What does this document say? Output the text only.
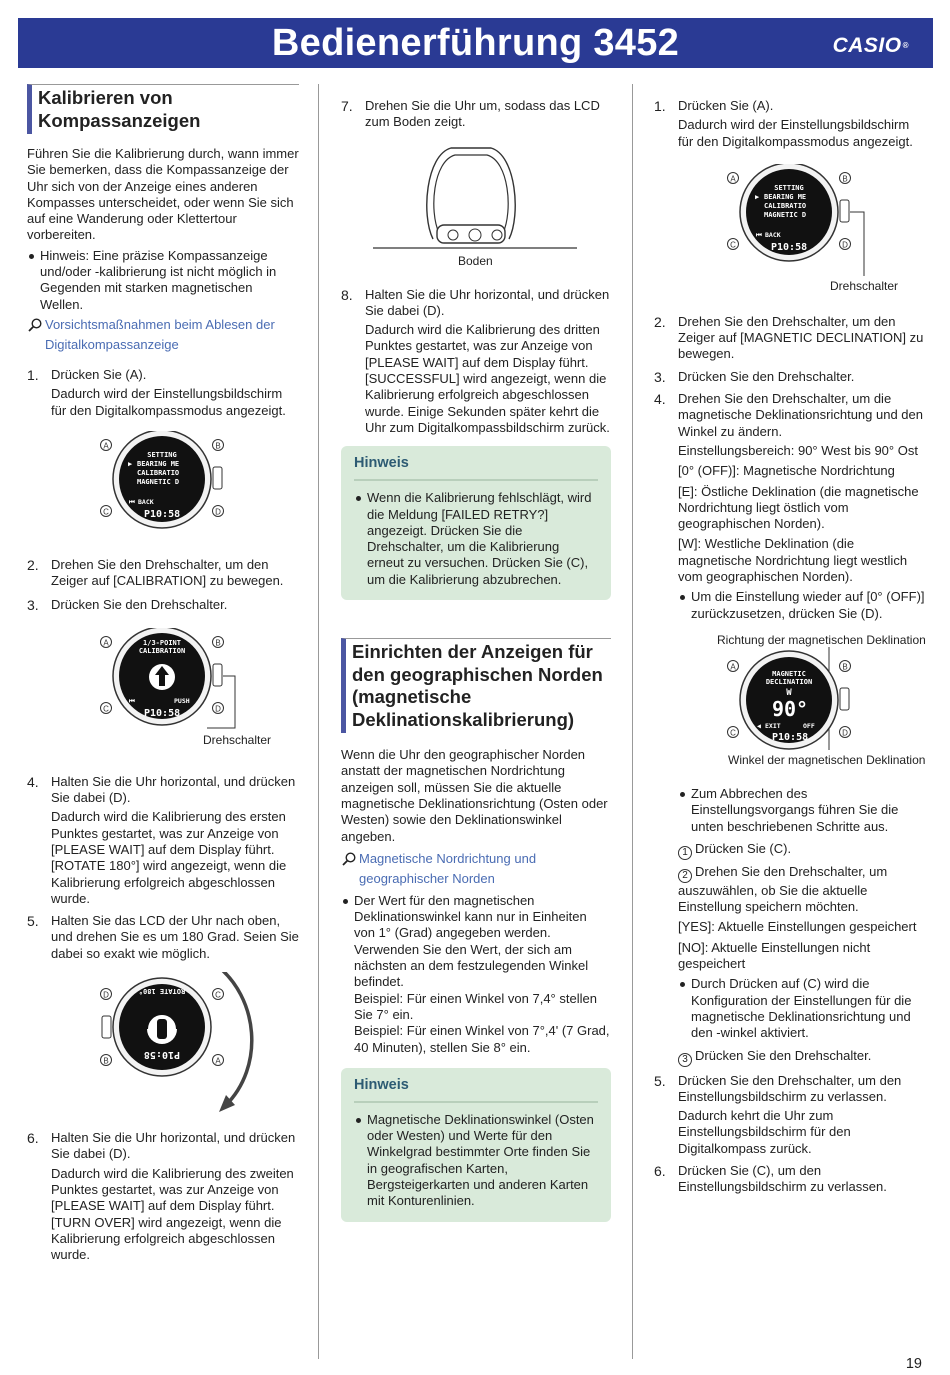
Bedienerführung 3452	CASIO®
Kalibrieren von Kompassanzeigen
Führen Sie die Kalibrierung durch, wann immer Sie bemerken, dass die Kompassanzeige der Uhr sich von der Anzeige eines anderen Kompasses unterscheidet, oder wenn Sie sich auf eine Wanderung oder Klettertour vorbereiten.
Hinweis: Eine präzise Kompassanzeige und/oder -kalibrierung ist nicht möglich in Gegenden mit starken magnetischen Wellen.
Vorsichtsmaßnahmen beim Ablesen der Digitalkompassanzeige
1. Drücken Sie (A).
Dadurch wird der Einstellungsbildschirm für den Digitalkompassmodus angezeigt.
SETTING
▶ BEARING ME
CALIBRATIO
MAGNETIC D
⏮ BACK
P10:58
A	B
C	D
2. Drehen Sie den Drehschalter, um den Zeiger auf [CALIBRATION] zu bewegen.
3. Drücken Sie den Drehschalter.
1/3-POINT
CALIBRATION
⏮	PUSH
P10:58
A	B
C	D
Drehschalter
4. Halten Sie die Uhr horizontal, und drücken Sie dabei (D).
Dadurch wird die Kalibrierung des ersten Punktes gestartet, was zur Anzeige von [PLEASE WAIT] auf dem Display führt. [ROTATE 180°] wird angezeigt, wenn die Kalibrierung erfolgreich abgeschlossen wurde.
5. Halten Sie das LCD der Uhr nach oben, und drehen Sie es um 180 Grad. Seien Sie dabei so exakt wie möglich.
ROTATE 180°
P10:58
D	C
B	A
6. Halten Sie die Uhr horizontal, und drücken Sie dabei (D).
Dadurch wird die Kalibrierung des zweiten Punktes gestartet, was zur Anzeige von [PLEASE WAIT] auf dem Display führt. [TURN OVER] wird angezeigt, wenn die Kalibrierung erfolgreich abgeschlossen wurde.
7. Drehen Sie die Uhr um, sodass das LCD zum Boden zeigt.
Boden
8. Halten Sie die Uhr horizontal, und drücken Sie dabei (D).
Dadurch wird die Kalibrierung des dritten Punktes gestartet, was zur Anzeige von [PLEASE WAIT] auf dem Display führt. [SUCCESSFUL] wird angezeigt, wenn die Kalibrierung erfolgreich abgeschlossen wurde. Einige Sekunden später kehrt die Uhr zum Digitalkompassbildschirm zurück.
Hinweis
Wenn die Kalibrierung fehlschlägt, wird die Meldung [FAILED RETRY?] angezeigt. Drücken Sie die Drehschalter, um die Kalibrierung erneut zu versuchen. Drücken Sie (C), um die Kalibrierung abzubrechen.
Einrichten der Anzeigen für den geographischen Norden (magnetische Deklinationskalibrierung)
Wenn die Uhr den geographischer Norden anstatt der magnetischen Nordrichtung anzeigen soll, müssen Sie die aktuelle magnetische Deklinationsrichtung (Osten oder Westen) sowie den Deklinationswinkel angeben.
Magnetische Nordrichtung und geographischer Norden
Der Wert für den magnetischen Deklinationswinkel kann nur in Einheiten von 1° (Grad) angegeben werden. Verwenden Sie den Wert, der sich am nächsten an dem festzulegenden Winkel befindet.
Beispiel: Für einen Winkel von 7,4° stellen Sie 7° ein.
Beispiel: Für einen Winkel von 7°,4' (7 Grad, 40 Minuten), stellen Sie 8° ein.
Hinweis
Magnetische Deklinationswinkel (Osten oder Westen) und Werte für den Winkelgrad bestimmter Orte finden Sie in geografischen Karten, Bergsteigerkarten und anderen Karten mit Konturenlinien.
1. Drücken Sie (A).
Dadurch wird der Einstellungsbildschirm für den Digitalkompassmodus angezeigt.
SETTING
▶ BEARING ME
CALIBRATIO
MAGNETIC D
⏮ BACK
P10:58
A	B
C	D
Drehschalter
2. Drehen Sie den Drehschalter, um den Zeiger auf [MAGNETIC DECLINATION] zu bewegen.
3. Drücken Sie den Drehschalter.
4. Drehen Sie den Drehschalter, um die magnetische Deklinationsrichtung und den Winkel zu ändern.
Einstellungsbereich: 90° West bis 90° Ost
[0° (OFF)]: Magnetische Nordrichtung
[E]: Östliche Deklination (die magnetische Nordrichtung liegt östlich vom geographischen Norden).
[W]: Westliche Deklination (die magnetische Nordrichtung liegt westlich vom geographischen Norden).
Um die Einstellung wieder auf [0° (OFF)] zurückzusetzen, drücken Sie (D).
Richtung der magnetischen Deklination
MAGNETIC
DECLINATION
W
90°
◀ EXIT	OFF
P10:58
A	B
C	D
Winkel der magnetischen Deklination
Zum Abbrechen des Einstellungsvorgangs führen Sie die unten beschriebenen Schritte aus.
1 Drücken Sie (C).
2 Drehen Sie den Drehschalter, um auszuwählen, ob Sie die aktuelle Einstellung speichern möchten.
[YES]: Aktuelle Einstellungen gespeichert
[NO]: Aktuelle Einstellungen nicht gespeichert
Durch Drücken auf (C) wird die Konfiguration der Einstellungen für die magnetische Deklinationsrichtung und den -winkel aktiviert.
3 Drücken Sie den Drehschalter.
5. Drücken Sie den Drehschalter, um den Einstellungsbildschirm zu verlassen.
Dadurch kehrt die Uhr zum Einstellungsbildschirm für den Digitalkompass zurück.
6. Drücken Sie (C), um den Einstellungsbildschirm zu verlassen.
19
